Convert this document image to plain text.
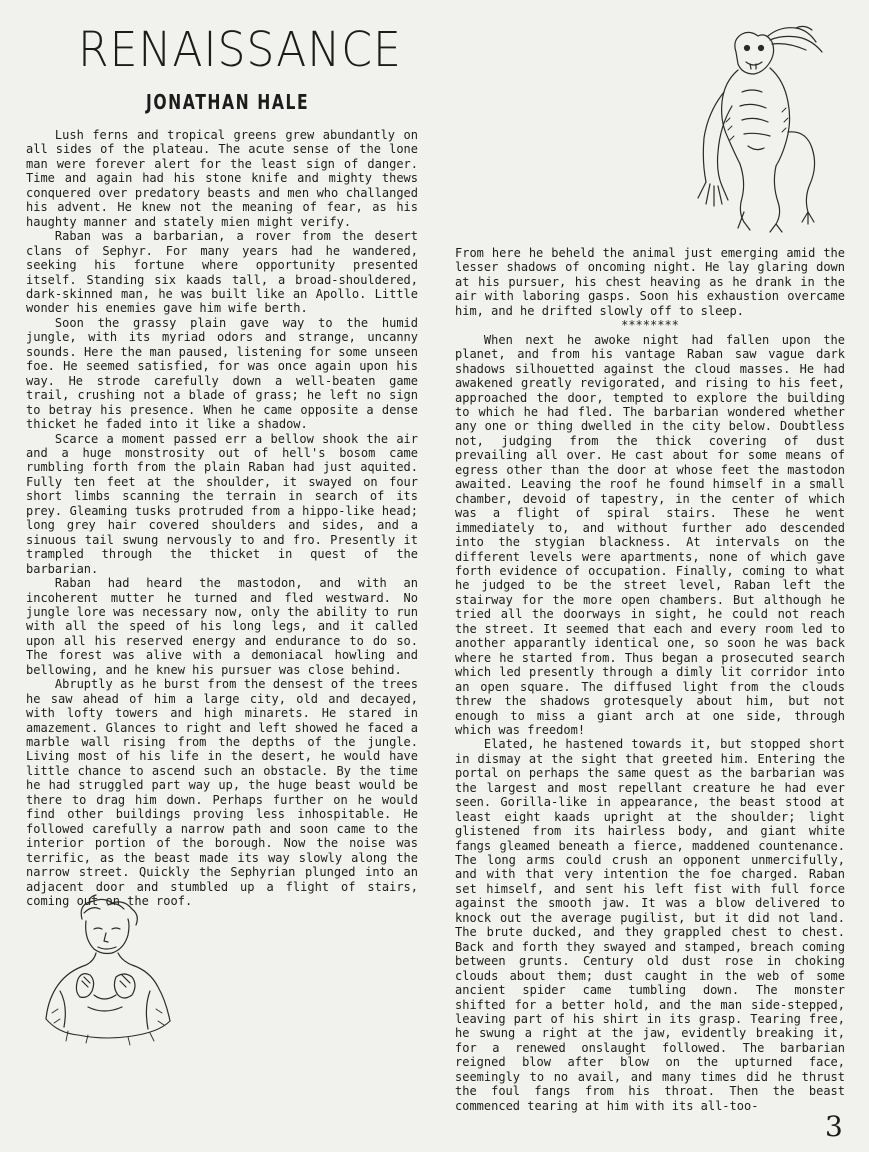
RENAISSANCE
JONATHAN HALE

Lush ferns and tropical greens grew abundantly on all sides of the plateau. The acute sense of the lone man were forever alert for the least sign of danger. Time and again had his stone knife and mighty thews conquered over predatory beasts and men who challanged his advent. He knew not the meaning of fear, as his haughty manner and stately mien might verify.

Raban was a barbarian, a rover from the desert clans of Sephyr. For many years had he wandered, seeking his fortune where opportunity presented itself. Standing six kaads tall, a broad-shouldered, dark-skinned man, he was built like an Apollo. Little wonder his enemies gave him wife berth.

Soon the grassy plain gave way to the humid jungle, with its myriad odors and strange, uncanny sounds. Here the man paused, listening for some unseen foe. He seemed satisfied, for was once again upon his way. He strode carefully down a well-beaten game trail, crushing not a blade of grass; he left no sign to betray his presence. When he came opposite a dense thicket he faded into it like a shadow.

Scarce a moment passed err a bellow shook the air and a huge monstrosity out of hell's bosom came rumbling forth from the plain Raban had just aquited. Fully ten feet at the shoulder, it swayed on four short limbs scanning the terrain in search of its prey. Gleaming tusks protruded from a hippo-like head; long grey hair covered shoulders and sides, and a sinuous tail swung nervously to and fro. Presently it trampled through the thicket in quest of the barbarian.

Raban had heard the mastodon, and with an incoherent mutter he turned and fled westward. No jungle lore was necessary now, only the ability to run with all the speed of his long legs, and it called upon all his reserved energy and endurance to do so. The forest was alive with a demoniacal howling and bellowing, and he knew his pursuer was close behind.

Abruptly as he burst from the densest of the trees he saw ahead of him a large city, old and decayed, with lofty towers and high minarets. He stared in amazement. Glances to right and left showed he faced a marble wall rising from the depths of the jungle. Living most of his life in the desert, he would have little chance to ascend such an obstacle. By the time he had struggled part way up, the huge beast would be there to drag him down. Perhaps further on he would find other buildings proving less inhospitable. He followed carefully a narrow path and soon came to the interior portion of the borough. Now the noise was terrific, as the beast made its way slowly along the narrow street. Quickly the Sephyrian plunged into an adjacent door and stumbled up a flight of stairs, coming out on the roof.

From here he beheld the animal just emerging amid the lesser shadows of oncoming night. He lay glaring down at his pursuer, his chest heaving as he drank in the air with laboring gasps. Soon his exhaustion overcame him, and he drifted slowly off to sleep.

********

When next he awoke night had fallen upon the planet, and from his vantage Raban saw vague dark shadows silhouetted against the cloud masses. He had awakened greatly revigorated, and rising to his feet, approached the door, tempted to explore the building to which he had fled. The barbarian wondered whether any one or thing dwelled in the city below. Doubtless not, judging from the thick covering of dust prevailing all over. He cast about for some means of egress other than the door at whose feet the mastodon awaited. Leaving the roof he found himself in a small chamber, devoid of tapestry, in the center of which was a flight of spiral stairs. These he went immediately to, and without further ado descended into the stygian blackness. At intervals on the different levels were apartments, none of which gave forth evidence of occupation. Finally, coming to what he judged to be the street level, Raban left the stairway for the more open chambers. But although he tried all the doorways in sight, he could not reach the street. It seemed that each and every room led to another apparantly identical one, so soon he was back where he started from. Thus began a prosecuted search which led presently through a dimly lit corridor into an open square. The diffused light from the clouds threw the shadows grotesquely about him, but not enough to miss a giant arch at one side, through which was freedom!

Elated, he hastened towards it, but stopped short in dismay at the sight that greeted him. Entering the portal on perhaps the same quest as the barbarian was the largest and most repellant creature he had ever seen. Gorilla-like in appearance, the beast stood at least eight kaads upright at the shoulder; light glistened from its hairless body, and giant white fangs gleamed beneath a fierce, maddened countenance. The long arms could crush an opponent unmercifully, and with that very intention the foe charged. Raban set himself, and sent his left fist with full force against the smooth jaw. It was a blow delivered to knock out the average pugilist, but it did not land. The brute ducked, and they grappled chest to chest. Back and forth they swayed and stamped, breach coming between grunts. Century old dust rose in choking clouds about them; dust caught in the web of some ancient spider came tumbling down. The monster shifted for a better hold, and the man side-stepped, leaving part of his shirt in its grasp. Tearing free, he swung a right at the jaw, evidently breaking it, for a renewed onslaught followed. The barbarian reigned blow after blow on the upturned face, seemingly to no avail, and many times did he thrust the foul fangs from his throat. Then the beast commenced tearing at him with its all-too-

3
